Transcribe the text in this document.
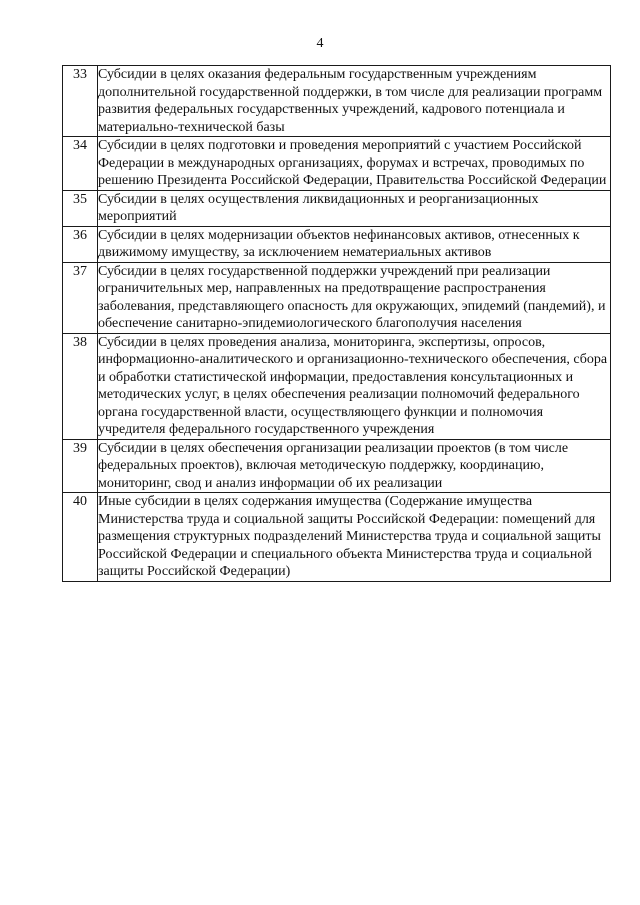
4
33	Субсидии в целях оказания федеральным государственным учреждениям дополнительной государственной поддержки, в том числе для реализации программ развития федеральных государственных учреждений, кадрового потенциала и материально-технической базы
34	Субсидии в целях подготовки и проведения мероприятий с участием Российской Федерации в международных организациях, форумах и встречах, проводимых по решению Президента Российской Федерации, Правительства Российской Федерации
35	Субсидии в целях осуществления ликвидационных и реорганизационных мероприятий
36	Субсидии в целях модернизации объектов нефинансовых активов, отнесенных к движимому имуществу, за исключением нематериальных активов
37	Субсидии в целях государственной поддержки учреждений при реализации ограничительных мер, направленных на предотвращение распространения заболевания, представляющего опасность для окружающих, эпидемий (пандемий), и обеспечение санитарно-эпидемиологического благополучия населения
38	Субсидии в целях проведения анализа, мониторинга, экспертизы, опросов, информационно-аналитического и организационно-технического обеспечения, сбора и обработки статистической информации, предоставления консультационных и методических услуг, в целях обеспечения реализации полномочий федерального органа государственной власти, осуществляющего функции и полномочия учредителя федерального государственного учреждения
39	Субсидии в целях обеспечения организации реализации проектов (в том числе федеральных проектов), включая методическую поддержку, координацию, мониторинг, свод и анализ информации об их реализации
40	Иные субсидии в целях содержания имущества (Содержание имущества Министерства труда и социальной защиты Российской Федерации: помещений для размещения структурных подразделений Министерства труда и социальной защиты Российской Федерации и специального объекта Министерства труда и социальной защиты Российской Федерации)
